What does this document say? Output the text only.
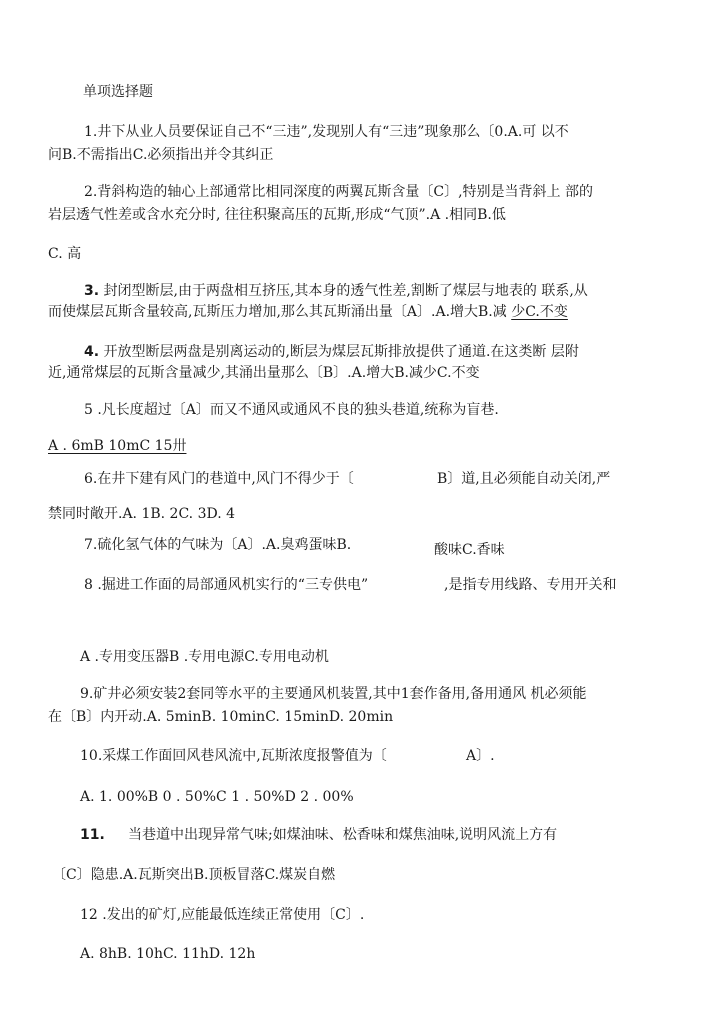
单项选择题
1.井下从业人员要保证自己不“三违”,发现别人有“三违”现象那么〔0.A.可 以不
问B.不需指出C.必须指出并令其纠正
2.背斜构造的轴心上部通常比相同深度的两翼瓦斯含量〔C〕,特别是当背斜上 部的
岩层透气性差或含水充分时, 往往积聚高压的瓦斯,形成“气顶”.A .相同B.低
C. 高
3. 封闭型断层,由于两盘相互挤压,其本身的透气性差,割断了煤层与地表的 联系,从
而使煤层瓦斯含量较高,瓦斯压力增加,那么其瓦斯涌出量〔A〕.A.增大B.减 少C.不变
4. 开放型断层两盘是别离运动的,断层为煤层瓦斯排放提供了通道.在这类断 层附
近,通常煤层的瓦斯含量减少,其涌出量那么〔B〕.A.增大B.减少C.不变
5 .凡长度超过〔A〕而又不通风或通风不良的独头巷道,统称为盲巷.
A . 6mB 10mC 15卅
6.在井下建有风门的巷道中,风门不得少于〔	B〕道,且必须能自动关闭,严
禁同时敞开.A. 1B. 2C. 3D. 4
7.硫化氢气体的气味为〔A〕.A.臭鸡蛋味B.	酸味C.香味
8 .掘进工作面的局部通风机实行的“三专供电”	,是指专用线路、专用开关和
A .专用变压器B .专用电源C.专用电动机
9.矿井必须安装2套同等水平的主要通风机装置,其中1套作备用,备用通风 机必须能
在〔B〕内开动.A. 5minB. 10minC. 15minD. 20min
10.采煤工作面回风巷风流中,瓦斯浓度报警值为〔	A〕.
A. 1. 00%B 0 . 50%C 1 . 50%D 2 . 00%
11. 当巷道中出现异常气味;如煤油味、松香味和煤焦油味,说明风流上方有
〔C〕隐患.A.瓦斯突出B.顶板冒落C.煤炭自燃
12 .发出的矿灯,应能最低连续正常使用〔C〕.
A. 8hB. 10hC. 11hD. 12h
